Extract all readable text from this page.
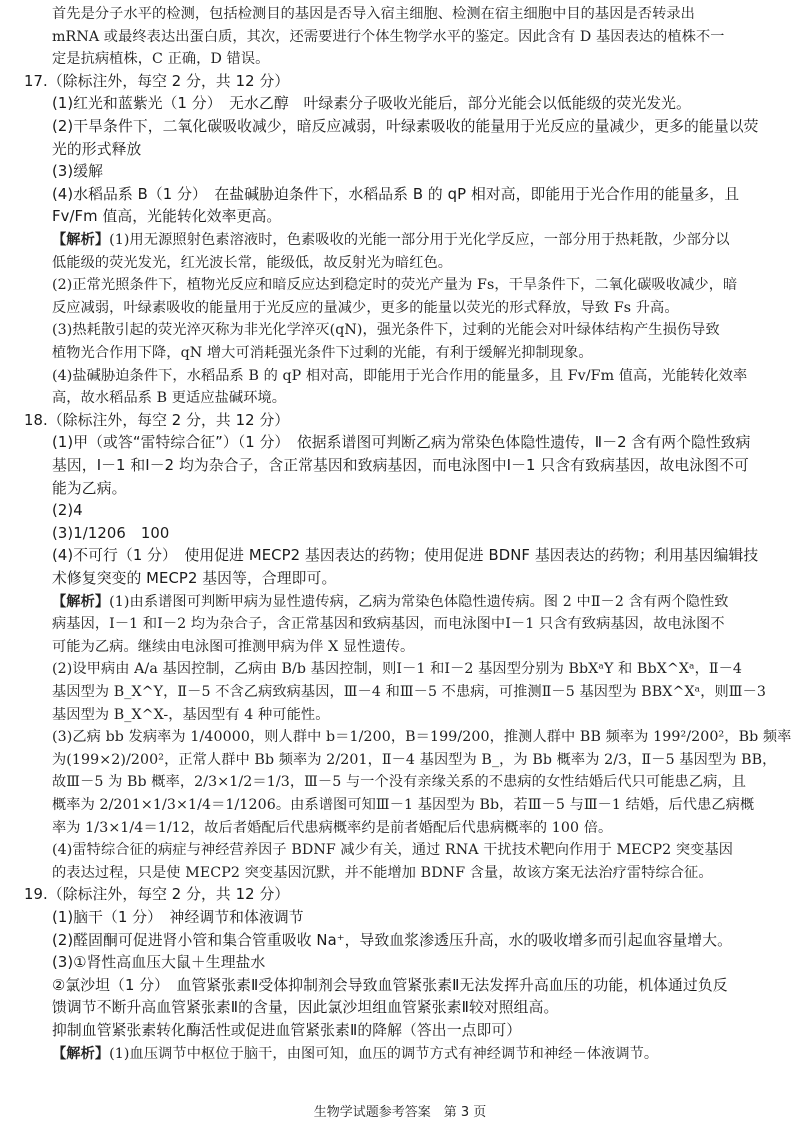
首先是分子水平的检测，包括检测目的基因是否导入宿主细胞、检测在宿主细胞中目的基因是否转录出
mRNA 或最终表达出蛋白质，其次，还需要进行个体生物学水平的鉴定。因此含有 D 基因表达的植株不一
定是抗病植株，C 正确，D 错误。
17.（除标注外，每空 2 分，共 12 分）
(1)红光和蓝紫光（1 分）　无水乙醇　叶绿素分子吸收光能后，部分光能会以低能级的荧光发光。
(2)干旱条件下，二氧化碳吸收减少，暗反应减弱，叶绿素吸收的能量用于光反应的量减少，更多的能量以荧
光的形式释放
(3)缓解
(4)水稻品系 B（1 分）　在盐碱胁迫条件下，水稻品系 B 的 qP 相对高，即能用于光合作用的能量多，且
Fv/Fm 值高，光能转化效率更高。
【解析】(1)用无源照射色素溶液时，色素吸收的光能一部分用于光化学反应，一部分用于热耗散，少部分以
低能级的荧光发光，红光波长常，能级低，故反射光为暗红色。
(2)正常光照条件下，植物光反应和暗反应达到稳定时的荧光产量为 Fs，干旱条件下，二氧化碳吸收减少，暗
反应减弱，叶绿素吸收的能量用于光反应的量减少，更多的能量以荧光的形式释放，导致 Fs 升高。
(3)热耗散引起的荧光淬灭称为非光化学淬灭(qN)，强光条件下，过剩的光能会对叶绿体结构产生损伤导致
植物光合作用下降，qN 增大可消耗强光条件下过剩的光能，有利于缓解光抑制现象。
(4)盐碱胁迫条件下，水稻品系 B 的 qP 相对高，即能用于光合作用的能量多，且 Fv/Fm 值高，光能转化效率
高，故水稻品系 B 更适应盐碱环境。
18.（除标注外，每空 2 分，共 12 分）
(1)甲（或答“雷特综合征”）（1 分）　依据系谱图可判断乙病为常染色体隐性遗传，Ⅱ－2 含有两个隐性致病
基因，Ⅰ－1 和Ⅰ－2 均为杂合子，含正常基因和致病基因，而电泳图中Ⅰ－1 只含有致病基因，故电泳图不可
能为乙病。
(2)4
(3)1/1206　100
(4)不可行（1 分）　使用促进 MECP2 基因表达的药物；使用促进 BDNF 基因表达的药物；利用基因编辑技
术修复突变的 MECP2 基因等，合理即可。
【解析】(1)由系谱图可判断甲病为显性遗传病，乙病为常染色体隐性遗传病。图 2 中Ⅱ－2 含有两个隐性致
病基因，Ⅰ－1 和Ⅰ－2 均为杂合子，含正常基因和致病基因，而电泳图中Ⅰ－1 只含有致病基因，故电泳图不
可能为乙病。继续由电泳图可推测甲病为伴 X 显性遗传。
(2)设甲病由 A/a 基因控制，乙病由 B/b 基因控制，则Ⅰ－1 和Ⅰ－2 基因型分别为 BbXᵃY 和 BbX^Xᵃ，Ⅱ－4
基因型为 B_X^Y，Ⅱ－5 不含乙病致病基因，Ⅲ－4 和Ⅲ－5 不患病，可推测Ⅱ－5 基因型为 BBX^Xᵃ，则Ⅲ－3
基因型为 B_X^X-，基因型有 4 种可能性。
(3)乙病 bb 发病率为 1/40000，则人群中 b＝1/200，B＝199/200，推测人群中 BB 频率为 199²/200²，Bb 频率
为(199×2)/200²，正常人群中 Bb 频率为 2/201，Ⅱ－4 基因型为 B_，为 Bb 概率为 2/3，Ⅱ－5 基因型为 BB，
故Ⅲ－5 为 Bb 概率，2/3×1/2＝1/3，Ⅲ－5 与一个没有亲缘关系的不患病的女性结婚后代只可能患乙病，且
概率为 2/201×1/3×1/4＝1/1206。由系谱图可知Ⅲ－1 基因型为 Bb，若Ⅲ－5 与Ⅲ－1 结婚，后代患乙病概
率为 1/3×1/4＝1/12，故后者婚配后代患病概率约是前者婚配后代患病概率的 100 倍。
(4)雷特综合征的病症与神经营养因子 BDNF 减少有关，通过 RNA 干扰技术靶向作用于 MECP2 突变基因
的表达过程，只是使 MECP2 突变基因沉默，并不能增加 BDNF 含量，故该方案无法治疗雷特综合征。
19.（除标注外，每空 2 分，共 12 分）
(1)脑干（1 分）　神经调节和体液调节
(2)醛固酮可促进肾小管和集合管重吸收 Na⁺，导致血浆渗透压升高，水的吸收增多而引起血容量增大。
(3)①肾性高血压大鼠＋生理盐水
②氯沙坦（1 分）　血管紧张素Ⅱ受体抑制剂会导致血管紧张素Ⅱ无法发挥升高血压的功能，机体通过负反
馈调节不断升高血管紧张素Ⅱ的含量，因此氯沙坦组血管紧张素Ⅱ较对照组高。
抑制血管紧张素转化酶活性或促进血管紧张素Ⅱ的降解（答出一点即可）
【解析】(1)血压调节中枢位于脑干，由图可知，血压的调节方式有神经调节和神经－体液调节。
生物学试题参考答案　第 3 页
